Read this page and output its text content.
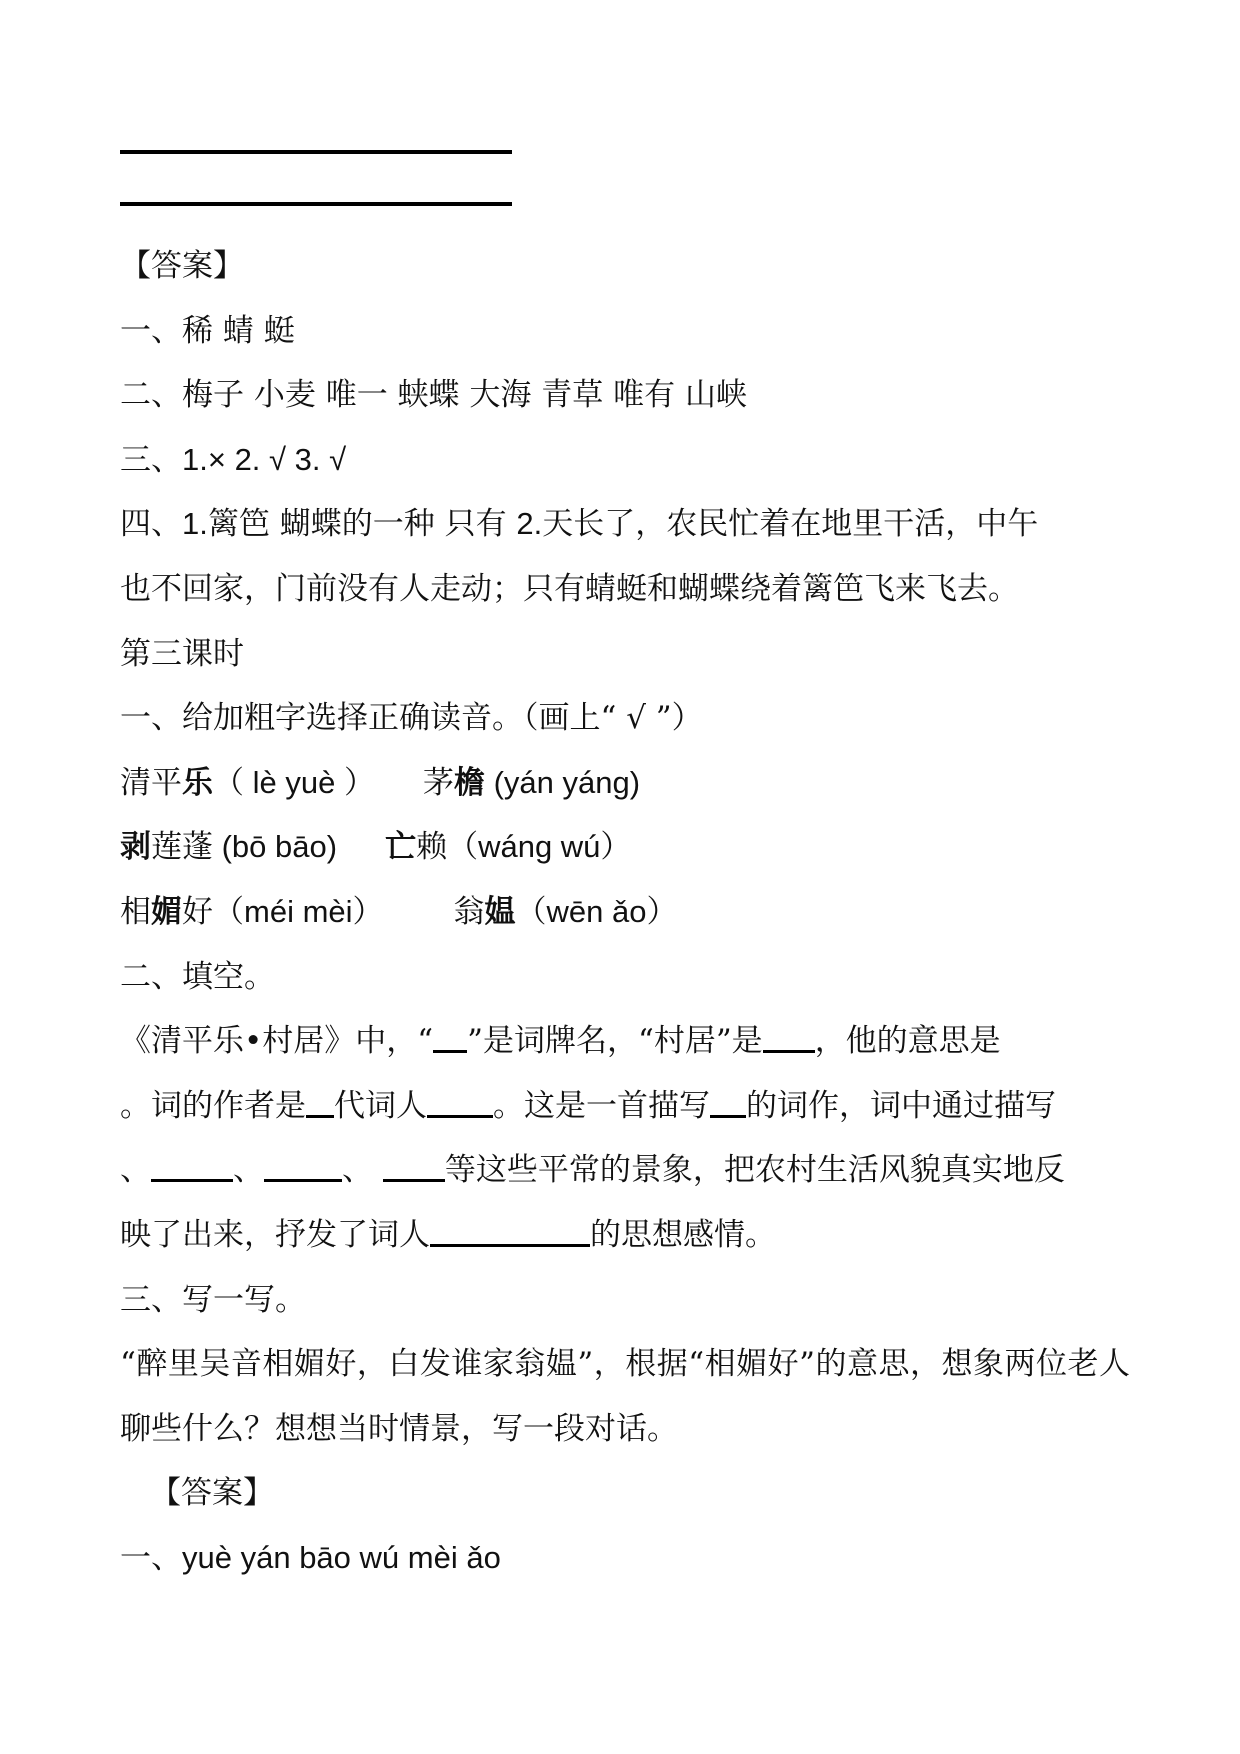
【答案】
一、稀 蜻 蜓
二、梅子 小麦 唯一 蛱蝶 大海 青草 唯有 山峡
三、1.× 2. √ 3. √
四、1.篱笆 蝴蝶的一种 只有 2.天长了，农民忙着在地里干活，中午
也不回家，门前没有人走动；只有蜻蜓和蝴蝶绕着篱笆飞来飞去。
第三课时
一、给加粗字选择正确读音。（画上“ √ ”）
清平乐（ lè yuè ） 茅檐 (yán yáng)
剥莲蓬 (bō bāo) 亡赖（wáng wú）
相媚好（méi mèi） 翁媪（wēn ǎo）
二、填空。
《清平乐•村居》中，“ ”是词牌名，“村居”是 ，他的意思是
。词的作者是 代词人 。这是一首描写 的词作，词中通过描写
、	、	、 等这些平常的景象，把农村生活风貌真实地反
映了出来，抒发了词人	的思想感情。
三、写一写。
“醉里吴音相媚好，白发谁家翁媪”，根据“相媚好”的意思，想象两位老人聊些什么？想想当时情景，写一段对话。
【答案】
一、yuè yán bāo wú mèi ǎo
